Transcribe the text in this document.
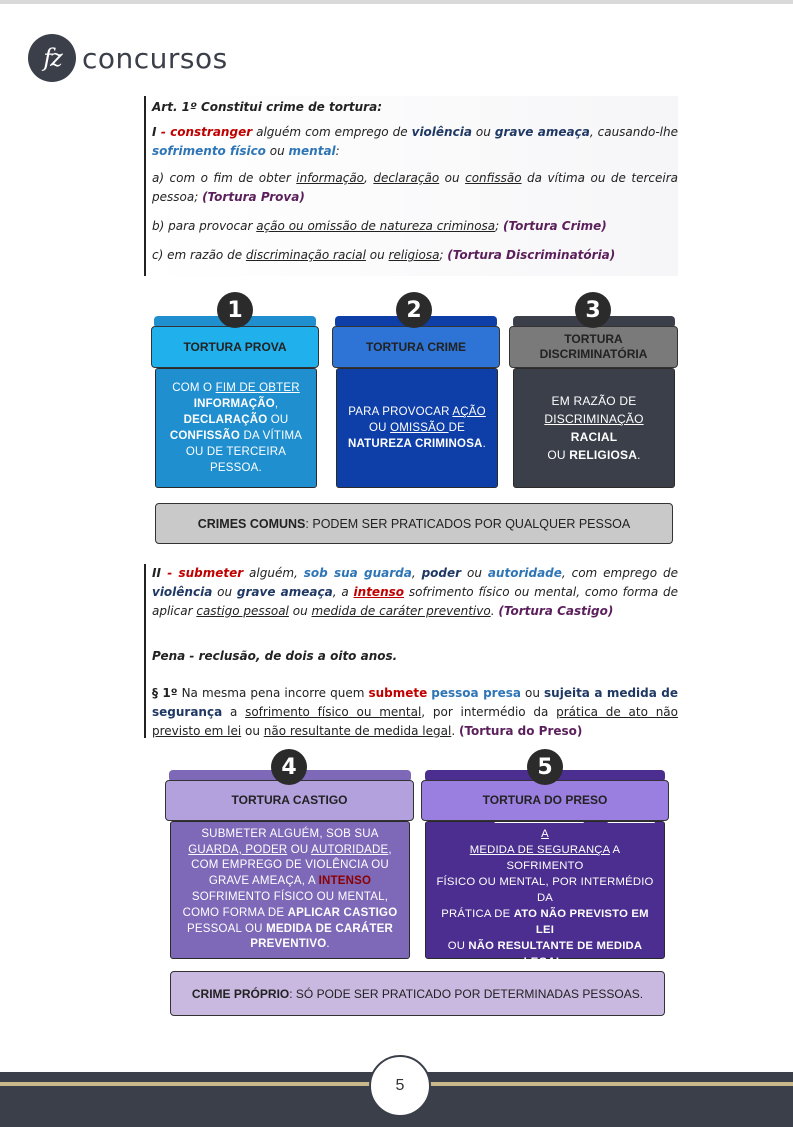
fz concursos

Art. 1º Constitui crime de tortura:

I - constranger alguém com emprego de violência ou grave ameaça, causando-lhe sofrimento físico ou mental:

a) com o fim de obter informação, declaração ou confissão da vítima ou de terceira pessoa; (Tortura Prova)

b) para provocar ação ou omissão de natureza criminosa; (Tortura Crime)

c) em razão de discriminação racial ou religiosa; (Tortura Discriminatória)

1
TORTURA PROVA
COM O FIM DE OBTER
INFORMAÇÃO,
DECLARAÇÃO OU
CONFISSÃO DA VÍTIMA
OU DE TERCEIRA PESSOA.
2
TORTURA CRIME
PARA PROVOCAR AÇÃO
OU OMISSÃO DE
NATUREZA CRIMINOSA.
3
TORTURA
DISCRIMINATÓRIA
EM RAZÃO DE
DISCRIMINAÇÃO RACIAL
OU RELIGIOSA.
CRIMES COMUNS : PODEM SER PRATICADOS POR QUALQUER PESSOA

II - submeter alguém, sob sua guarda, poder ou autoridade, com emprego de violência ou grave ameaça, a intenso sofrimento físico ou mental, como forma de aplicar castigo pessoal ou medida de caráter preventivo. (Tortura Castigo)

Pena - reclusão, de dois a oito anos.

§ 1º Na mesma pena incorre quem submete pessoa presa ou sujeita a medida de segurança a sofrimento físico ou mental, por intermédio da prática de ato não previsto em lei ou não resultante de medida legal. (Tortura do Preso)

4
TORTURA CASTIGO
SUBMETER ALGUÉM, SOB SUA
GUARDA, PODER OU AUTORIDADE,
COM EMPREGO DE VIOLÊNCIA OU
GRAVE AMEAÇA, A INTENSO
SOFRIMENTO FÍSICO OU MENTAL,
COMO FORMA DE APLICAR CASTIGO
PESSOAL OU MEDIDA DE CARÁTER
PREVENTIVO.
5
TORTURA DO PRESO
A
MEDIDA DE SEGURANÇA A SOFRIMENTO
FÍSICO OU MENTAL, POR INTERMÉDIO DA
PRÁTICA DE ATO NÃO PREVISTO EM LEI
OU NÃO RESULTANTE DE MEDIDA LEGAL.
CRIME PRÓPRIO : SÓ PODE SER PRATICADO POR DETERMINADAS PESSOAS.
5
